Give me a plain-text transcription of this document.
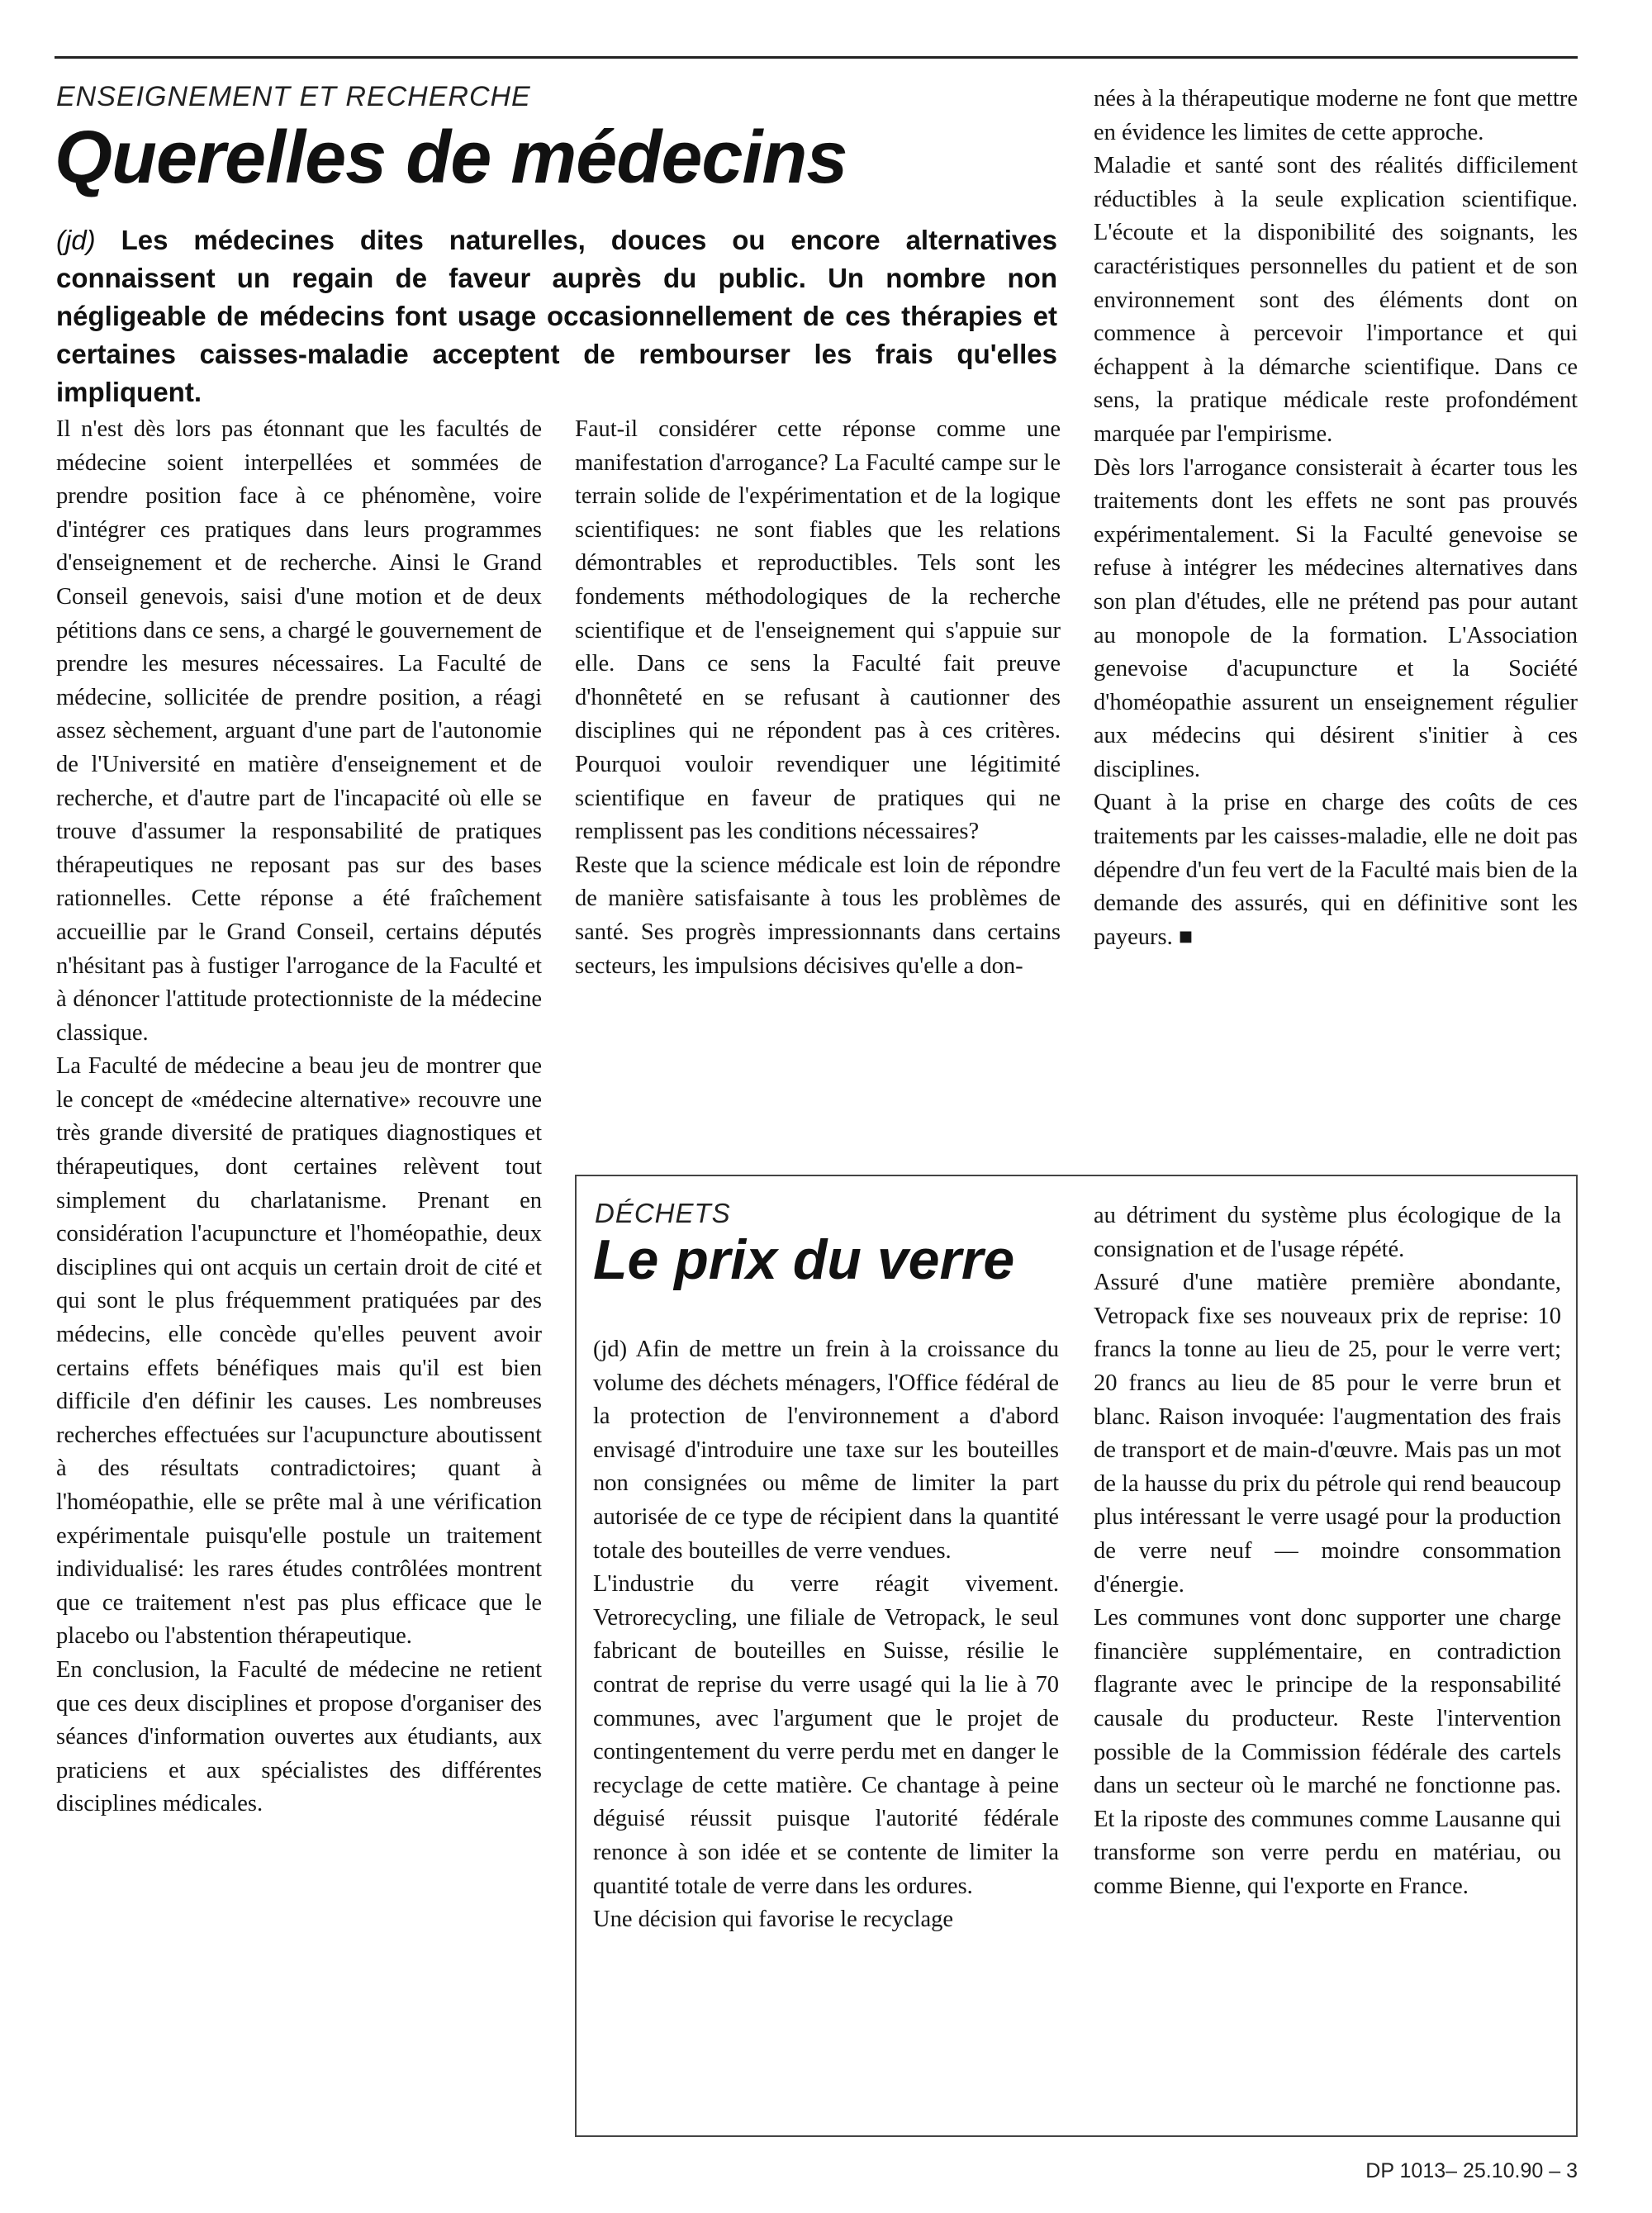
ENSEIGNEMENT ET RECHERCHE
Querelles de médecins
(jd) Les médecines dites naturelles, douces ou encore alternatives connaissent un regain de faveur auprès du public. Un nombre non négligeable de médecins font usage occasionnellement de ces thérapies et certaines caisses-maladie acceptent de rembourser les frais qu'elles impliquent.

Il n'est dès lors pas étonnant que les facultés de médecine soient interpellées et sommées de prendre position face à ce phénomène, voire d'intégrer ces pratiques dans leurs programmes d'enseignement et de recherche. Ainsi le Grand Conseil genevois, saisi d'une motion et de deux pétitions dans ce sens, a chargé le gouvernement de prendre les mesures nécessaires. La Faculté de médecine, sollicitée de prendre position, a réagi assez sèchement, arguant d'une part de l'autonomie de l'Université en matière d'enseignement et de recherche, et d'autre part de l'incapacité où elle se trouve d'assumer la responsabilité de pratiques thérapeutiques ne reposant pas sur des bases rationnelles. Cette réponse a été fraîchement accueillie par le Grand Conseil, certains députés n'hésitant pas à fustiger l'arrogance de la Faculté et à dénoncer l'attitude protectionniste de la médecine classique.

La Faculté de médecine a beau jeu de montrer que le concept de «médecine alternative» recouvre une très grande diversité de pratiques diagnostiques et thérapeutiques, dont certaines relèvent tout simplement du charlatanisme. Prenant en considération l'acupuncture et l'homéopathie, deux disciplines qui ont acquis un certain droit de cité et qui sont le plus fréquemment pratiquées par des médecins, elle concède qu'elles peuvent avoir certains effets bénéfiques mais qu'il est bien difficile d'en définir les causes. Les nombreuses recherches effectuées sur l'acupuncture aboutissent à des résultats contradictoires; quant à l'homéopathie, elle se prête mal à une vérification expérimentale puisqu'elle postule un traitement individualisé: les rares études contrôlées montrent que ce traitement n'est pas plus efficace que le placebo ou l'abstention thérapeutique.

En conclusion, la Faculté de médecine ne retient que ces deux disciplines et propose d'organiser des séances d'information ouvertes aux étudiants, aux praticiens et aux spécialistes des différentes disciplines médicales.

Faut-il considérer cette réponse comme une manifestation d'arrogance? La Faculté campe sur le terrain solide de l'expérimentation et de la logique scientifiques: ne sont fiables que les relations démontrables et reproductibles. Tels sont les fondements méthodologiques de la recherche scientifique et de l'enseignement qui s'appuie sur elle. Dans ce sens la Faculté fait preuve d'honnêteté en se refusant à cautionner des disciplines qui ne répondent pas à ces critères. Pourquoi vouloir revendiquer une légitimité scientifique en faveur de pratiques qui ne remplissent pas les conditions nécessaires?

Reste que la science médicale est loin de répondre de manière satisfaisante à tous les problèmes de santé. Ses progrès impressionnants dans certains secteurs, les impulsions décisives qu'elle a don-

nées à la thérapeutique moderne ne font que mettre en évidence les limites de cette approche.

Maladie et santé sont des réalités difficilement réductibles à la seule explication scientifique. L'écoute et la disponibilité des soignants, les caractéristiques personnelles du patient et de son environnement sont des éléments dont on commence à percevoir l'importance et qui échappent à la démarche scientifique. Dans ce sens, la pratique médicale reste profondément marquée par l'empirisme.

Dès lors l'arrogance consisterait à écarter tous les traitements dont les effets ne sont pas prouvés expérimentalement. Si la Faculté genevoise se refuse à intégrer les médecines alternatives dans son plan d'études, elle ne prétend pas pour autant au monopole de la formation. L'Association genevoise d'acupuncture et la Société d'homéopathie assurent un enseignement régulier aux médecins qui désirent s'initier à ces disciplines.

Quant à la prise en charge des coûts de ces traitements par les caisses-maladie, elle ne doit pas dépendre d'un feu vert de la Faculté mais bien de la demande des assurés, qui en définitive sont les payeurs. ■

DÉCHETS
Le prix du verre

(jd) Afin de mettre un frein à la croissance du volume des déchets ménagers, l'Office fédéral de la protection de l'environnement a d'abord envisagé d'introduire une taxe sur les bouteilles non consignées ou même de limiter la part autorisée de ce type de récipient dans la quantité totale des bouteilles de verre vendues.

L'industrie du verre réagit vivement. Vetrorecycling, une filiale de Vetropack, le seul fabricant de bouteilles en Suisse, résilie le contrat de reprise du verre usagé qui la lie à 70 communes, avec l'argument que le projet de contingentement du verre perdu met en danger le recyclage de cette matière. Ce chantage à peine déguisé réussit puisque l'autorité fédérale renonce à son idée et se contente de limiter la quantité totale de verre dans les ordures.

Une décision qui favorise le recyclage

au détriment du système plus écologique de la consignation et de l'usage répété.

Assuré d'une matière première abondante, Vetropack fixe ses nouveaux prix de reprise: 10 francs la tonne au lieu de 25, pour le verre vert; 20 francs au lieu de 85 pour le verre brun et blanc. Raison invoquée: l'augmentation des frais de transport et de main-d'œuvre. Mais pas un mot de la hausse du prix du pétrole qui rend beaucoup plus intéressant le verre usagé pour la production de verre neuf — moindre consommation d'énergie.

Les communes vont donc supporter une charge financière supplémentaire, en contradiction flagrante avec le principe de la responsabilité causale du producteur. Reste l'intervention possible de la Commission fédérale des cartels dans un secteur où le marché ne fonctionne pas. Et la riposte des communes comme Lausanne qui transforme son verre perdu en matériau, ou comme Bienne, qui l'exporte en France.

DP 1013– 25.10.90 – 3
